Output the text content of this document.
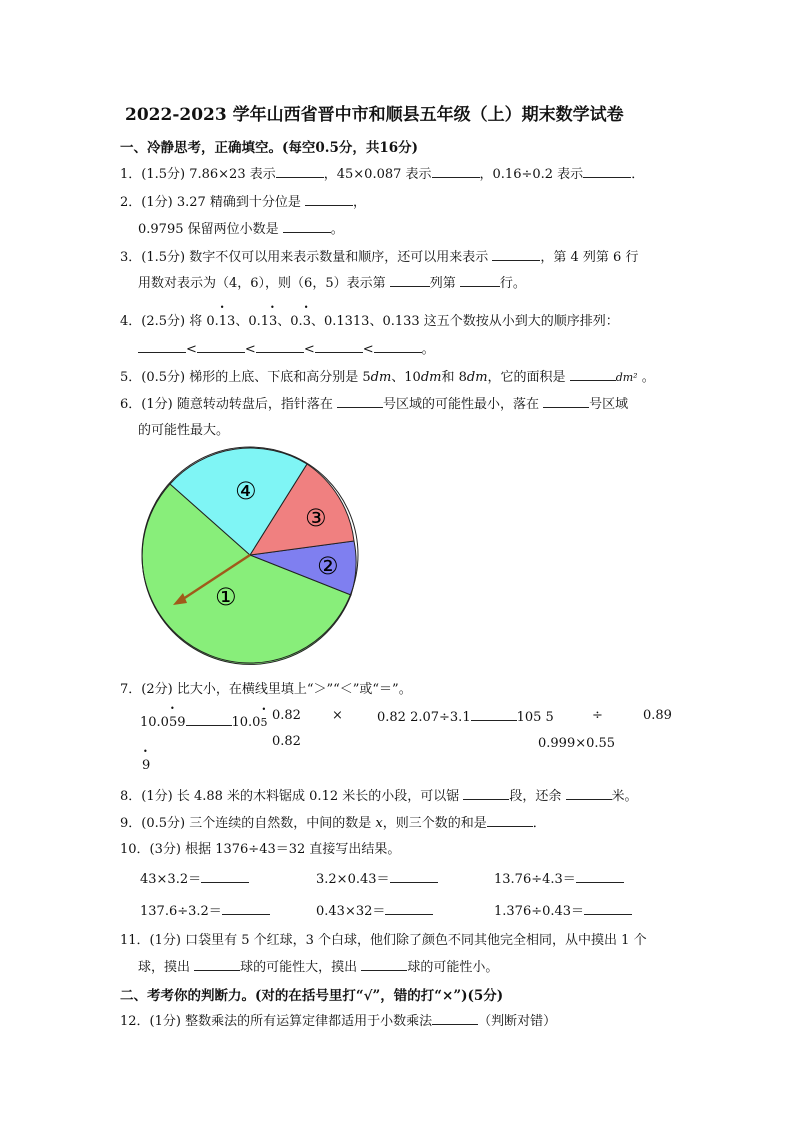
2022-2023 学年山西省晋中市和顺县五年级（上）期末数学试卷
一、冷静思考，正确填空。(每空0.5分，共16分)
1．(1.5分) 7.86×23 表示	，45×0.087 表示	，0.16÷0.2 表示	．
2．(1分) 3.27 精确到十分位是	，
0.9795 保留两位小数是	。
3．(1.5分) 数字不仅可以用来表示数量和顺序，还可以用来表示	，第 4 列第 6 行
用数对表示为（4，6），则（6，5）表示第	列第	行。
4．(2.5分) 将 0.• 13、0.1• 3、0.• 3、0.1313、0.133 这五个数按从小到大的顺序排列：
<	<	<	<	。
5．(0.5分) 梯形的上底、下底和高分别是 5dm、10dm和 8dm，它的面积是	dm² 。
6．(1分) 随意转动转盘后，指针落在	号区域的可能性最小，落在	号区域
的可能性最大。
①
②
③
④
7．(2分) 比大小，在横线里填上“＞”“＜”或“＝”。
10.0• 59	10.0• 5 0.82 ×	0.82 2.07÷3.1	105 5	÷	0.89
0.82	0.999×0.55
• 9
8．(1分) 长 4.88 米的木料锯成 0.12 米长的小段，可以锯	段，还余	米。
9．(0.5分) 三个连续的自然数，中间的数是 x，则三个数的和是	．
10．(3分) 根据 1376÷43＝32 直接写出结果。
43×3.2＝	3.2×0.43＝	13.76÷4.3＝
137.6÷3.2＝	0.43×32＝	1.376÷0.43＝
11．(1分) 口袋里有 5 个红球，3 个白球，他们除了颜色不同其他完全相同，从中摸出 1 个
球，摸出	球的可能性大，摸出	球的可能性小。
二、考考你的判断力。(对的在括号里打“√”，错的打“×”)(5分)
12．(1分) 整数乘法的所有运算定律都适用于小数乘法	（判断对错）
